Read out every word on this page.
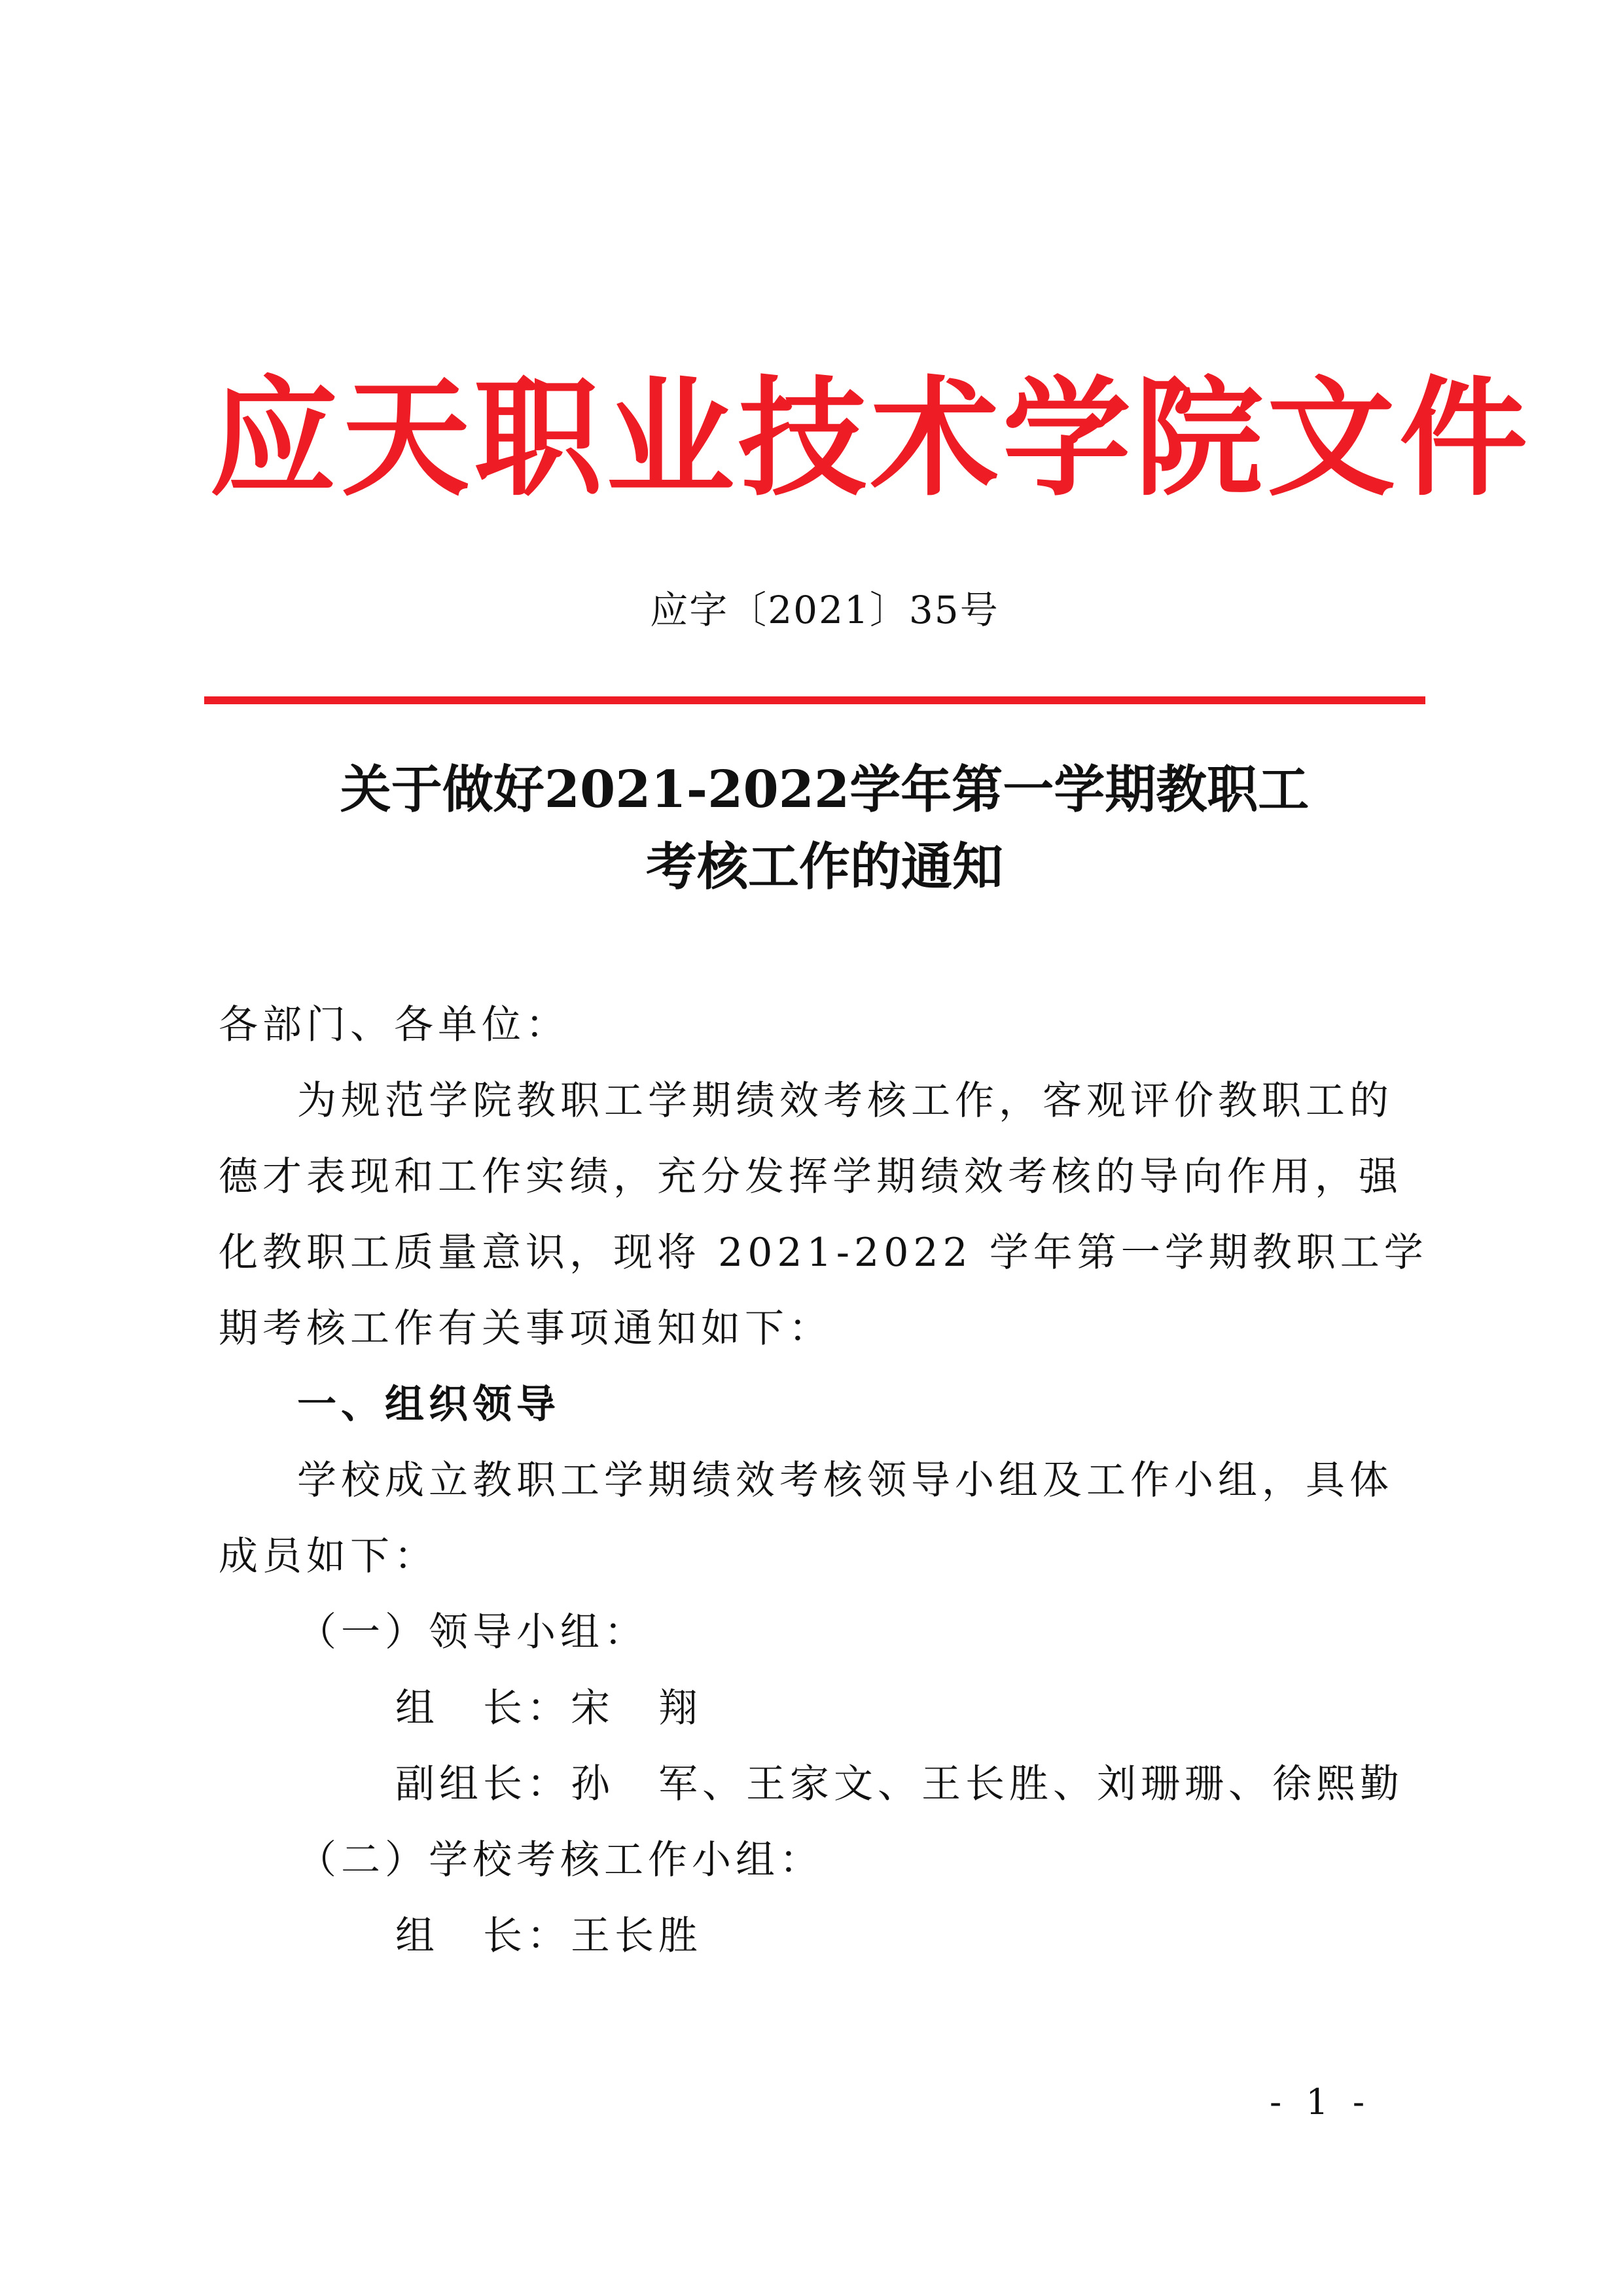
应天职业技术学院文件
应字〔2021〕35号
关于做好2021-2022学年第一学期教职工
考核工作的通知

各部门、各单位：

为规范学院教职工学期绩效考核工作，客观评价教职工的德才表现和工作实绩，充分发挥学期绩效考核的导向作用，强化教职工质量意识，现将 2021-2022 学年第一学期教职工学期考核工作有关事项通知如下：

一、组织领导

学校成立教职工学期绩效考核领导小组及工作小组，具体成员如下：

（一）领导小组：

组　长：宋　翔

副组长：孙　军、王家文、王长胜、刘珊珊、徐熙勤

（二）学校考核工作小组：

组　长：王长胜

- 1 -
